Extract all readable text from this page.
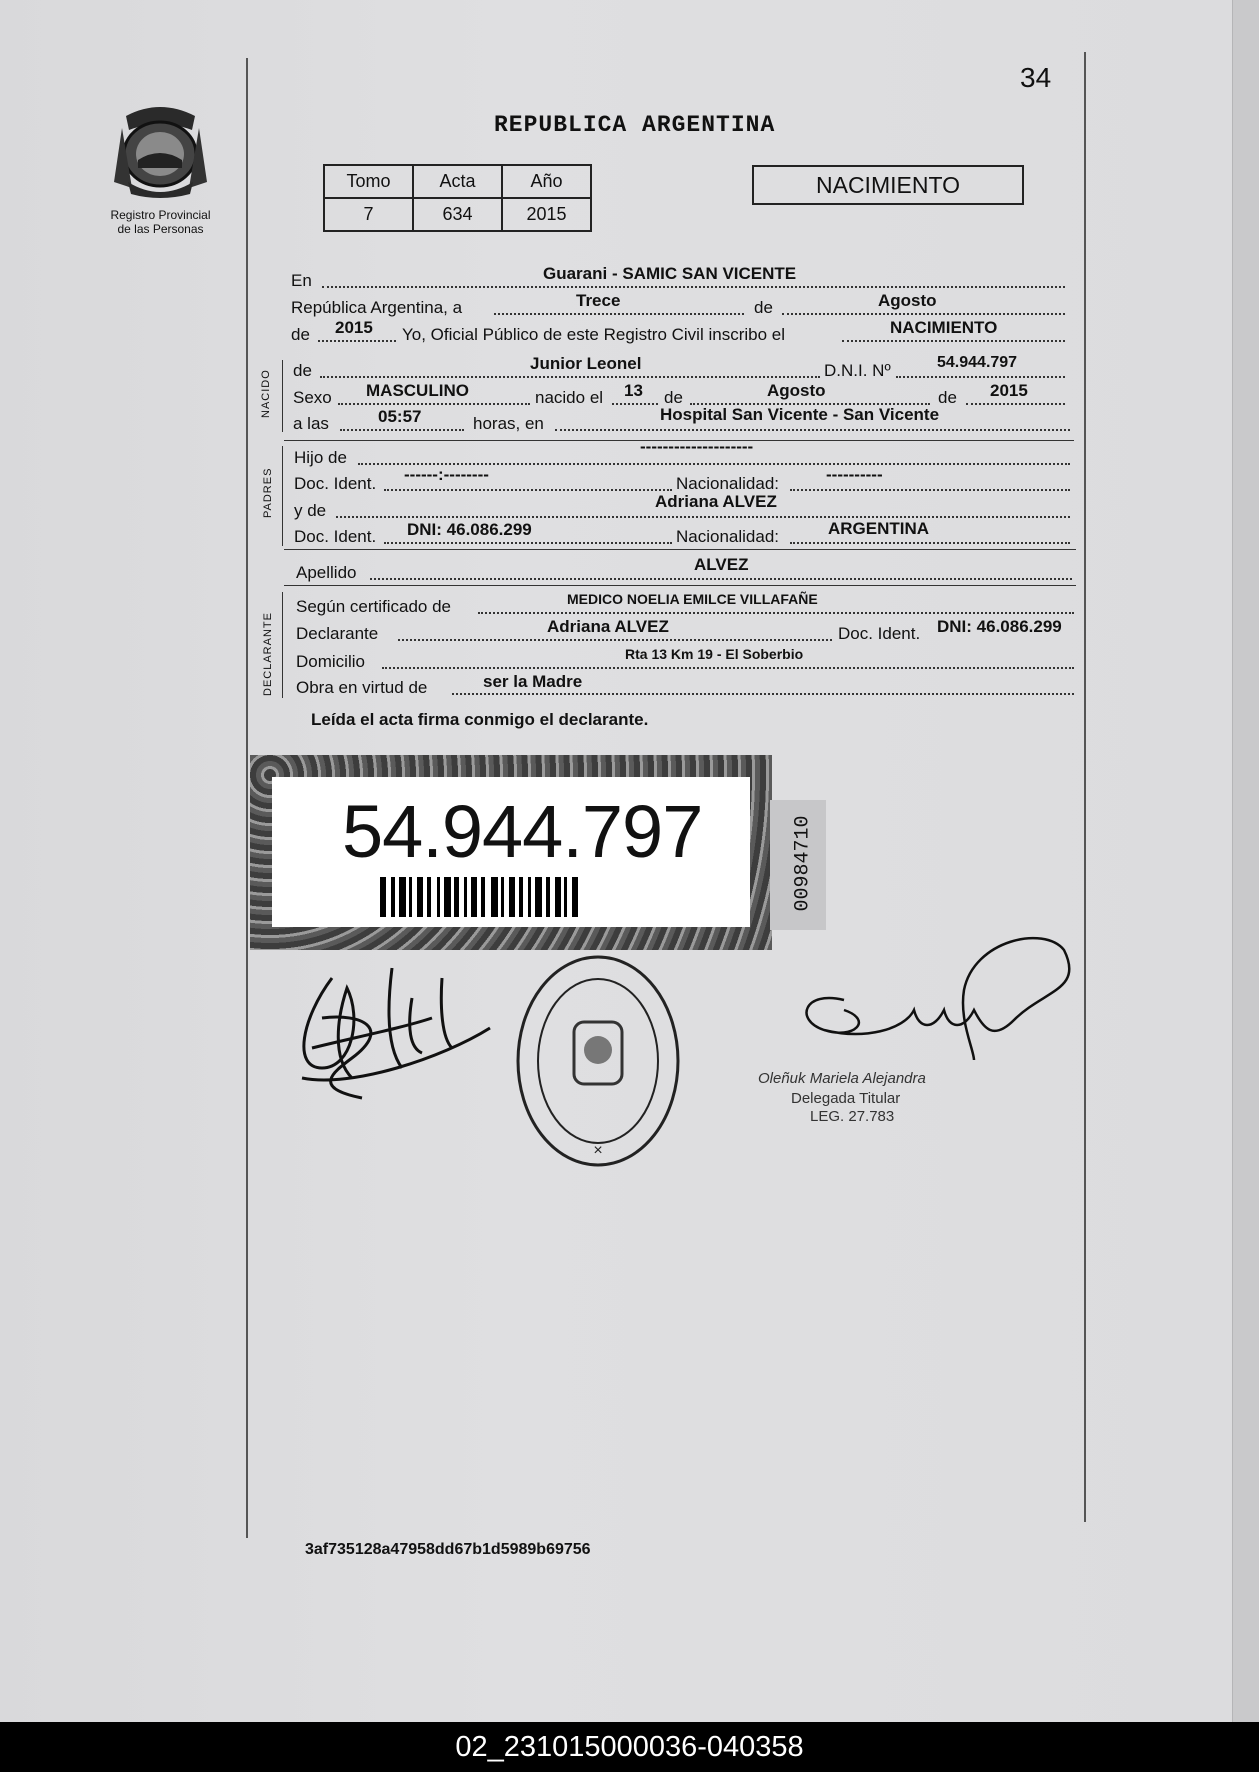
34
Registro Provincial
de las Personas
REPUBLICA ARGENTINA
Tomo	Acta	Año
7	634	2015
NACIMIENTO
En	Guarani - SAMIC SAN VICENTE
República Argentina, a	Trece	de	Agosto
de 2015 Yo, Oficial Público de este Registro Civil inscribo el	NACIMIENTO
NACIDO de	Junior Leonel	D.N.I. Nº	54.944.797
Sexo MASCULINO	nacido el 13 de	Agosto	de 2015
a las	05:57	horas, en	Hospital San Vicente - San Vicente
PADRES
Hijo de
--------------------
Doc. Ident. ------:--------	Nacionalidad:	----------
y de	Adriana ALVEZ
Doc. Ident. DNI: 46.086.299	Nacionalidad:	ARGENTINA
Apellido	ALVEZ
DECLARANTE
Según certificado de	MEDICO NOELIA EMILCE VILLAFAÑE
Declarante	Adriana ALVEZ	Doc. Ident. DNI: 46.086.299
Domicilio	Rta 13 Km 19 - El Soberbio
Obra en virtud de	ser la Madre
Leída el acta firma conmigo el declarante.
54.944.797	00984710
×
Oleñuk Mariela Alejandra
Delegada Titular
LEG. 27.783
3af735128a47958dd67b1d5989b69756
02_231015000036-040358
